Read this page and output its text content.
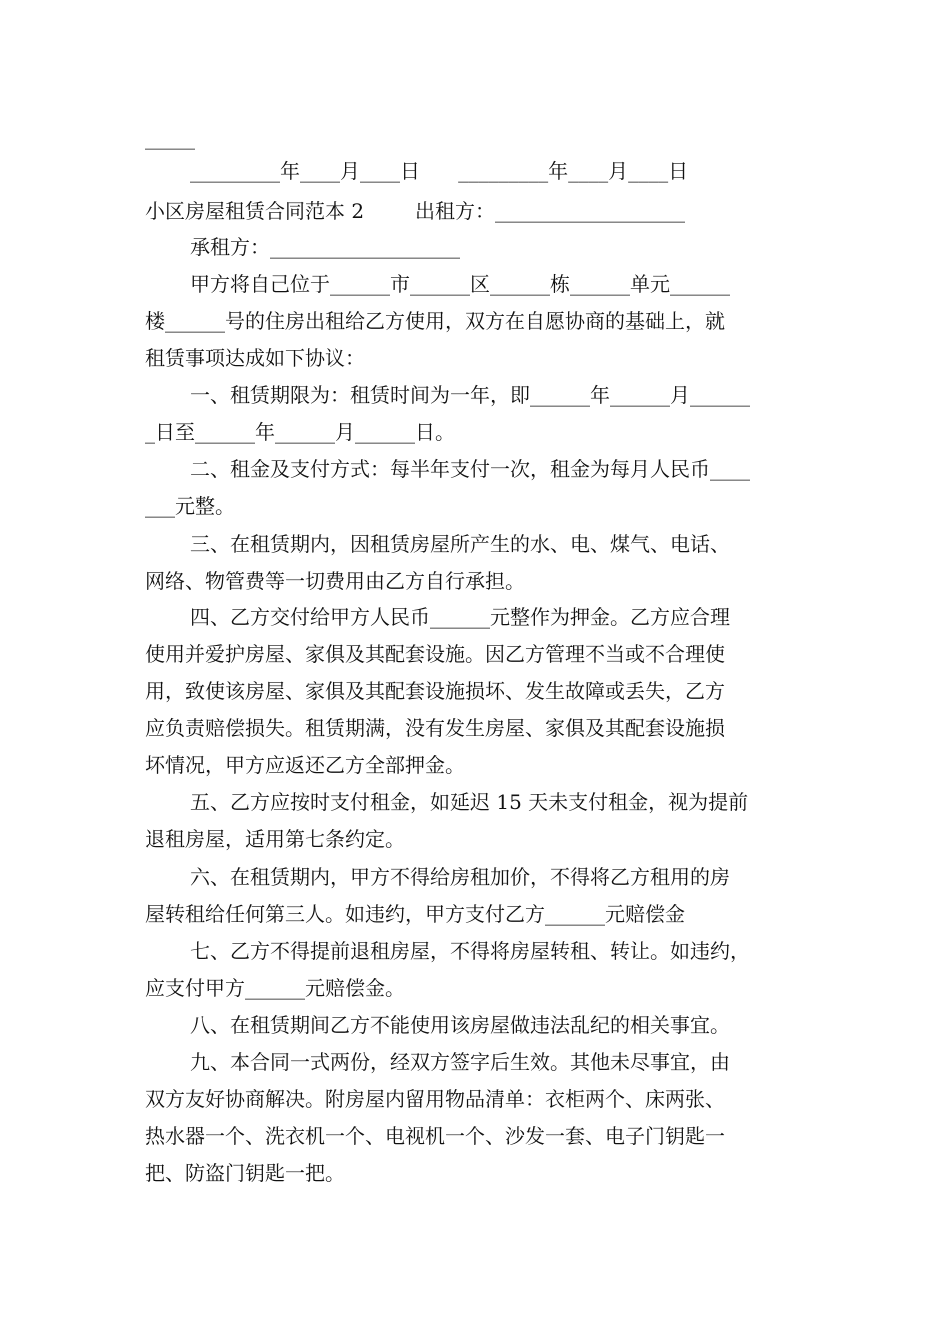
_____
_________年____月____日      _________年____月____日
小区房屋租赁合同范本 2        出租方：___________________
承租方：___________________
甲方将自己位于______市______区______栋______单元______
楼______号的住房出租给乙方使用，双方在自愿协商的基础上，就
租赁事项达成如下协议：
一、租赁期限为：租赁时间为一年，即______年______月______
_日至______年______月______日。
二、租金及支付方式：每半年支付一次，租金为每月人民币____
___元整。
三、在租赁期内，因租赁房屋所产生的水、电、煤气、电话、
网络、物管费等一切费用由乙方自行承担。
四、乙方交付给甲方人民币______元整作为押金。乙方应合理
使用并爱护房屋、家俱及其配套设施。因乙方管理不当或不合理使
用，致使该房屋、家俱及其配套设施损坏、发生故障或丢失，乙方
应负责赔偿损失。租赁期满，没有发生房屋、家俱及其配套设施损
坏情况，甲方应返还乙方全部押金。
五、乙方应按时支付租金，如延迟 15 天未支付租金，视为提前
退租房屋，适用第七条约定。
六、在租赁期内，甲方不得给房租加价，不得将乙方租用的房
屋转租给任何第三人。如违约，甲方支付乙方______元赔偿金
七、乙方不得提前退租房屋，不得将房屋转租、转让。如违约，
应支付甲方______元赔偿金。
八、在租赁期间乙方不能使用该房屋做违法乱纪的相关事宜。
九、本合同一式两份，经双方签字后生效。其他未尽事宜，由
双方友好协商解决。附房屋内留用物品清单：衣柜两个、床两张、
热水器一个、洗衣机一个、电视机一个、沙发一套、电子门钥匙一
把、防盗门钥匙一把。
